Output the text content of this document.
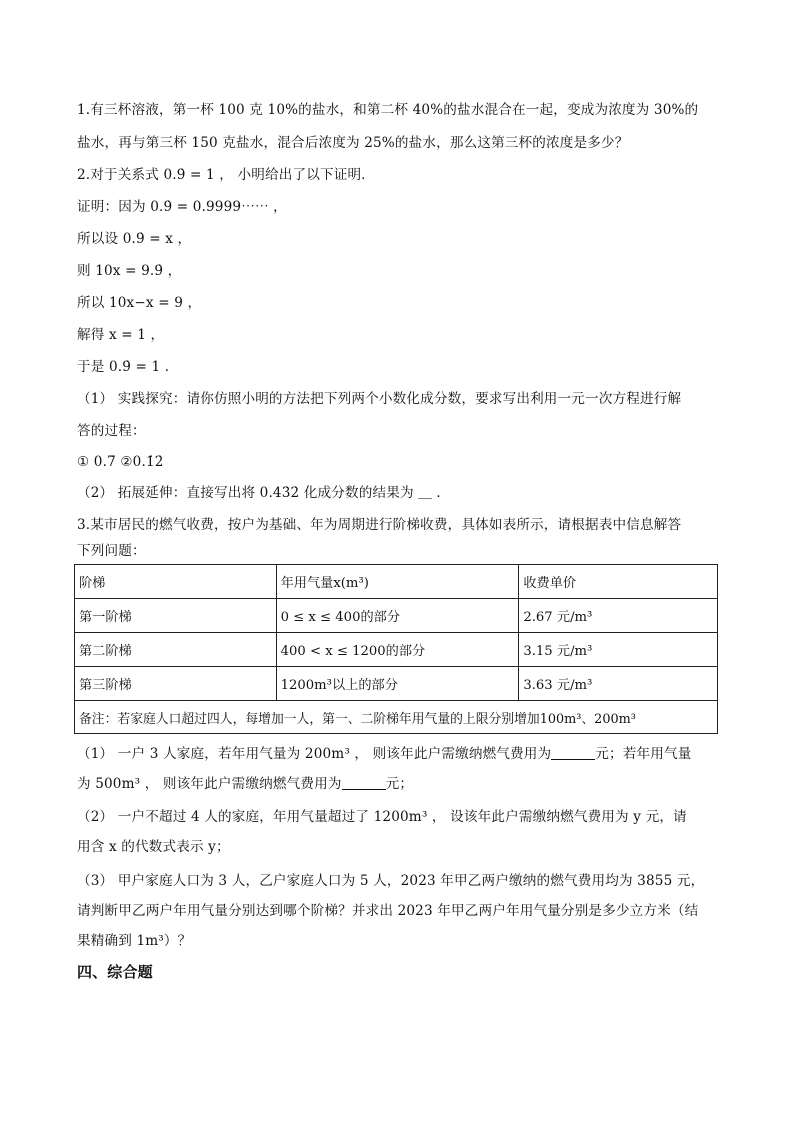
1.有三杯溶液，第一杯 100 克 10%的盐水，和第二杯 40%的盐水混合在一起，变成为浓度为 30%的
盐水，再与第三杯 150 克盐水，混合后浓度为 25%的盐水，那么这第三杯的浓度是多少？
2.对于关系式 0.9̇ = 1 ， 小明给出了以下证明．
证明：因为 0.9̇ = 0.9999⋯⋯ ，
所以设 0.9̇ = x ，
则 10x = 9.9̇ ，
所以 10x−x = 9 ，
解得 x = 1 ，
于是 0.9̇ = 1 ．
（1） 实践探究：请你仿照小明的方法把下列两个小数化成分数，要求写出利用一元一次方程进行解
答的过程：
① 0.7̇ ②0.1̇2̇
（2） 拓展延伸：直接写出将 0.43̇2̇ 化成分数的结果为 ＿ ．
3.某市居民的燃气收费，按户为基础、年为周期进行阶梯收费，具体如表所示，请根据表中信息解答
下列问题：
阶梯	年用气量x(m³)	收费单价
第一阶梯	0 ≤ x ≤ 400的部分	2.67 元/m³
第二阶梯	400 < x ≤ 1200的部分	3.15 元/m³
第三阶梯	1200m³以上的部分	3.63 元/m³
备注：若家庭人口超过四人，每增加一人，第一、二阶梯年用气量的上限分别增加100m³、200m³		
（1） 一户 3 人家庭，若年用气量为 200m³ ， 则该年此户需缴纳燃气费用为	元；若年用气量
为 500m³ ， 则该年此户需缴纳燃气费用为	元；
（2） 一户不超过 4 人的家庭，年用气量超过了 1200m³ ， 设该年此户需缴纳燃气费用为 y 元，请
用含 x 的代数式表示 y；
（3） 甲户家庭人口为 3 人，乙户家庭人口为 5 人，2023 年甲乙两户缴纳的燃气费用均为 3855 元，
请判断甲乙两户年用气量分别达到哪个阶梯？并求出 2023 年甲乙两户年用气量分别是多少立方米（结
果精确到 1m³）？
四、综合题
